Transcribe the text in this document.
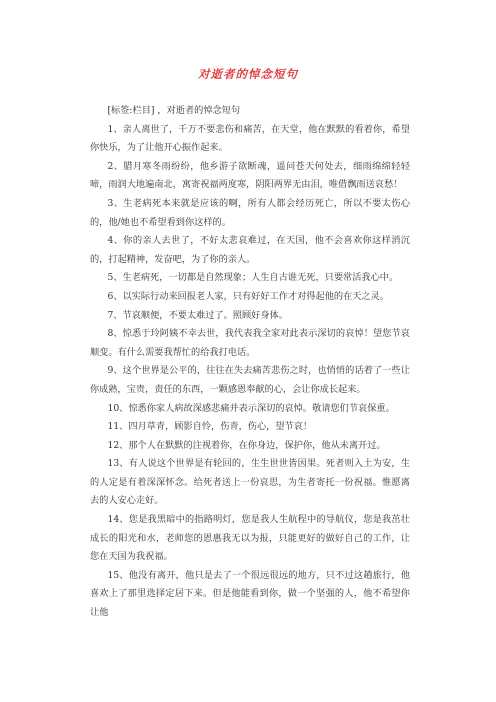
对逝者的悼念短句

[标签:栏目] ，对逝者的悼念短句

1、亲人离世了，千万不要悲伤和痛苦，在天堂，他在默默的看着你，希望你快乐，为了让他开心振作起来。

2、腊月寒冬雨纷纷，他乡游子欲断魂，遥问苍天何处去，细雨绵绵轻轻啼，雨润大地遍南北，寓寄祝福两度寒，阴阳两界无由泪，唯借飘雨送哀愁！

3、生老病死本来就是应该的啊，所有人都会经历死亡，所以不要太伤心的，他/她也不希望看到你这样的。

4、你的亲人去世了，不好太悲哀难过，在天国，他不会喜欢你这样消沉的，打起精神，发奋吧，为了你的亲人。

5、生老病死，一切都是自然现象；人生自古谁无死，只要常活我心中。

6、以实际行动来回报老人家，只有好好工作才对得起他的在天之灵。

7、节哀顺便，不要太难过了。照顾好身体。

8、惊悉于玲阿姨不幸去世，我代表我全家对此表示深切的哀悼！望您节哀顺变。有什么需要我帮忙的给我打电话。

9、这个世界是公平的，往往在失去痛苦悲伤之时，也悄悄的话着了一些让你成熟，宝贵，责任的东西，一颗感恩奉献的心，会让你成长起来。

10、惊悉你家人病故深感悲痛并表示深切的哀悼。敬请您们节哀保重。

11、四月草青，顾影自怜，伤青，伤心，望节哀！

12、那个人在默默的注视着你，在你身边，保护你，他从未离开过。

13、有人说这个世界是有轮回的，生生世世皆因果。死者则入土为安，生的人定是有着深深怀念。给死者送上一份哀思，为生者寄托一份祝福。惟愿离去的人安心走好。

14、您是我黑暗中的指路明灯，您是我人生航程中的导航仪，您是我茁壮成长的阳光和水，老师您的恩惠我无以为报，只能更好的做好自己的工作，让您在天国为我祝福。

15、他没有离开，他只是去了一个很远很远的地方，只不过这趟旅行，他喜欢上了那里选择定居下来。但是他能看到你，做一个坚强的人，他不希望你让他
